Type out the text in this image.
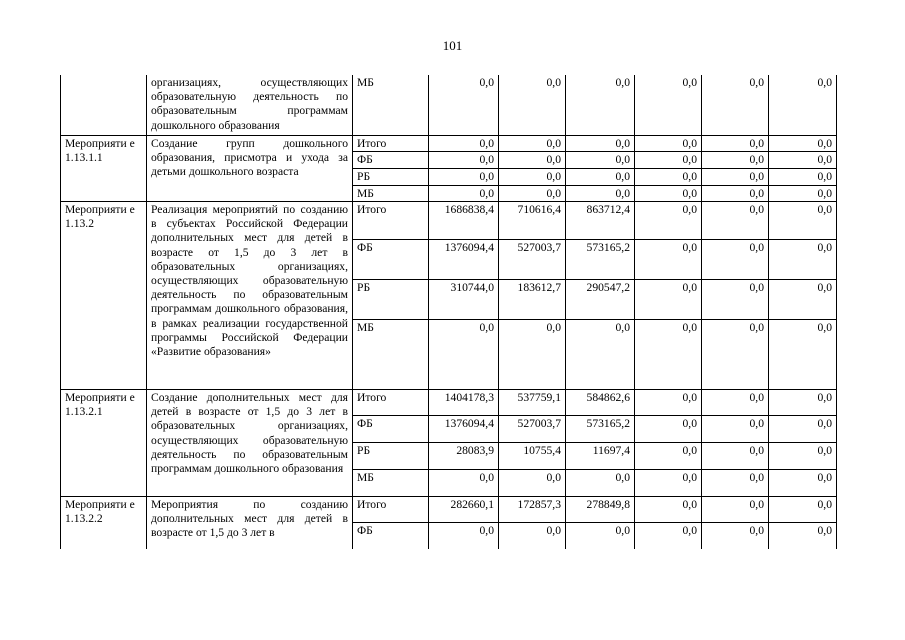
101
	организациях, осуществляющих образовательную деятельность по образовательным программам дошкольного образования	МБ	0,0	0,0	0,0	0,0	0,0	0,0
Мероприяти е 1.13.1.1	Создание групп дошкольного образования, присмотра и ухода за детьми дошкольного возраста	Итого	0,0	0,0	0,0	0,0	0,0	0,0
		ФБ	0,0	0,0	0,0	0,0	0,0	0,0
		РБ	0,0	0,0	0,0	0,0	0,0	0,0
		МБ	0,0	0,0	0,0	0,0	0,0	0,0
Мероприяти е 1.13.2	Реализация мероприятий по созданию в субъектах Российской Федерации дополнительных мест для детей в возрасте от 1,5 до 3 лет в образовательных организациях, осуществляющих образовательную деятельность по образовательным программам дошкольного образования, в рамках реализации государственной программы Российской Федерации «Развитие образования»	Итого	1686838,4	710616,4	863712,4	0,0	0,0	0,0
		ФБ	1376094,4	527003,7	573165,2	0,0	0,0	0,0
		РБ	310744,0	183612,7	290547,2	0,0	0,0	0,0
		МБ	0,0	0,0	0,0	0,0	0,0	0,0
Мероприяти е 1.13.2.1	Создание дополнительных мест для детей в возрасте от 1,5 до 3 лет в образовательных организациях, осуществляющих образовательную деятельность по образовательным программам дошкольного образования	Итого	1404178,3	537759,1	584862,6	0,0	0,0	0,0
		ФБ	1376094,4	527003,7	573165,2	0,0	0,0	0,0
		РБ	28083,9	10755,4	11697,4	0,0	0,0	0,0
		МБ	0,0	0,0	0,0	0,0	0,0	0,0
Мероприяти е 1.13.2.2	Мероприятия по созданию дополнительных мест для детей в возрасте от 1,5 до 3 лет в	Итого	282660,1	172857,3	278849,8	0,0	0,0	0,0
		ФБ	0,0	0,0	0,0	0,0	0,0	0,0
